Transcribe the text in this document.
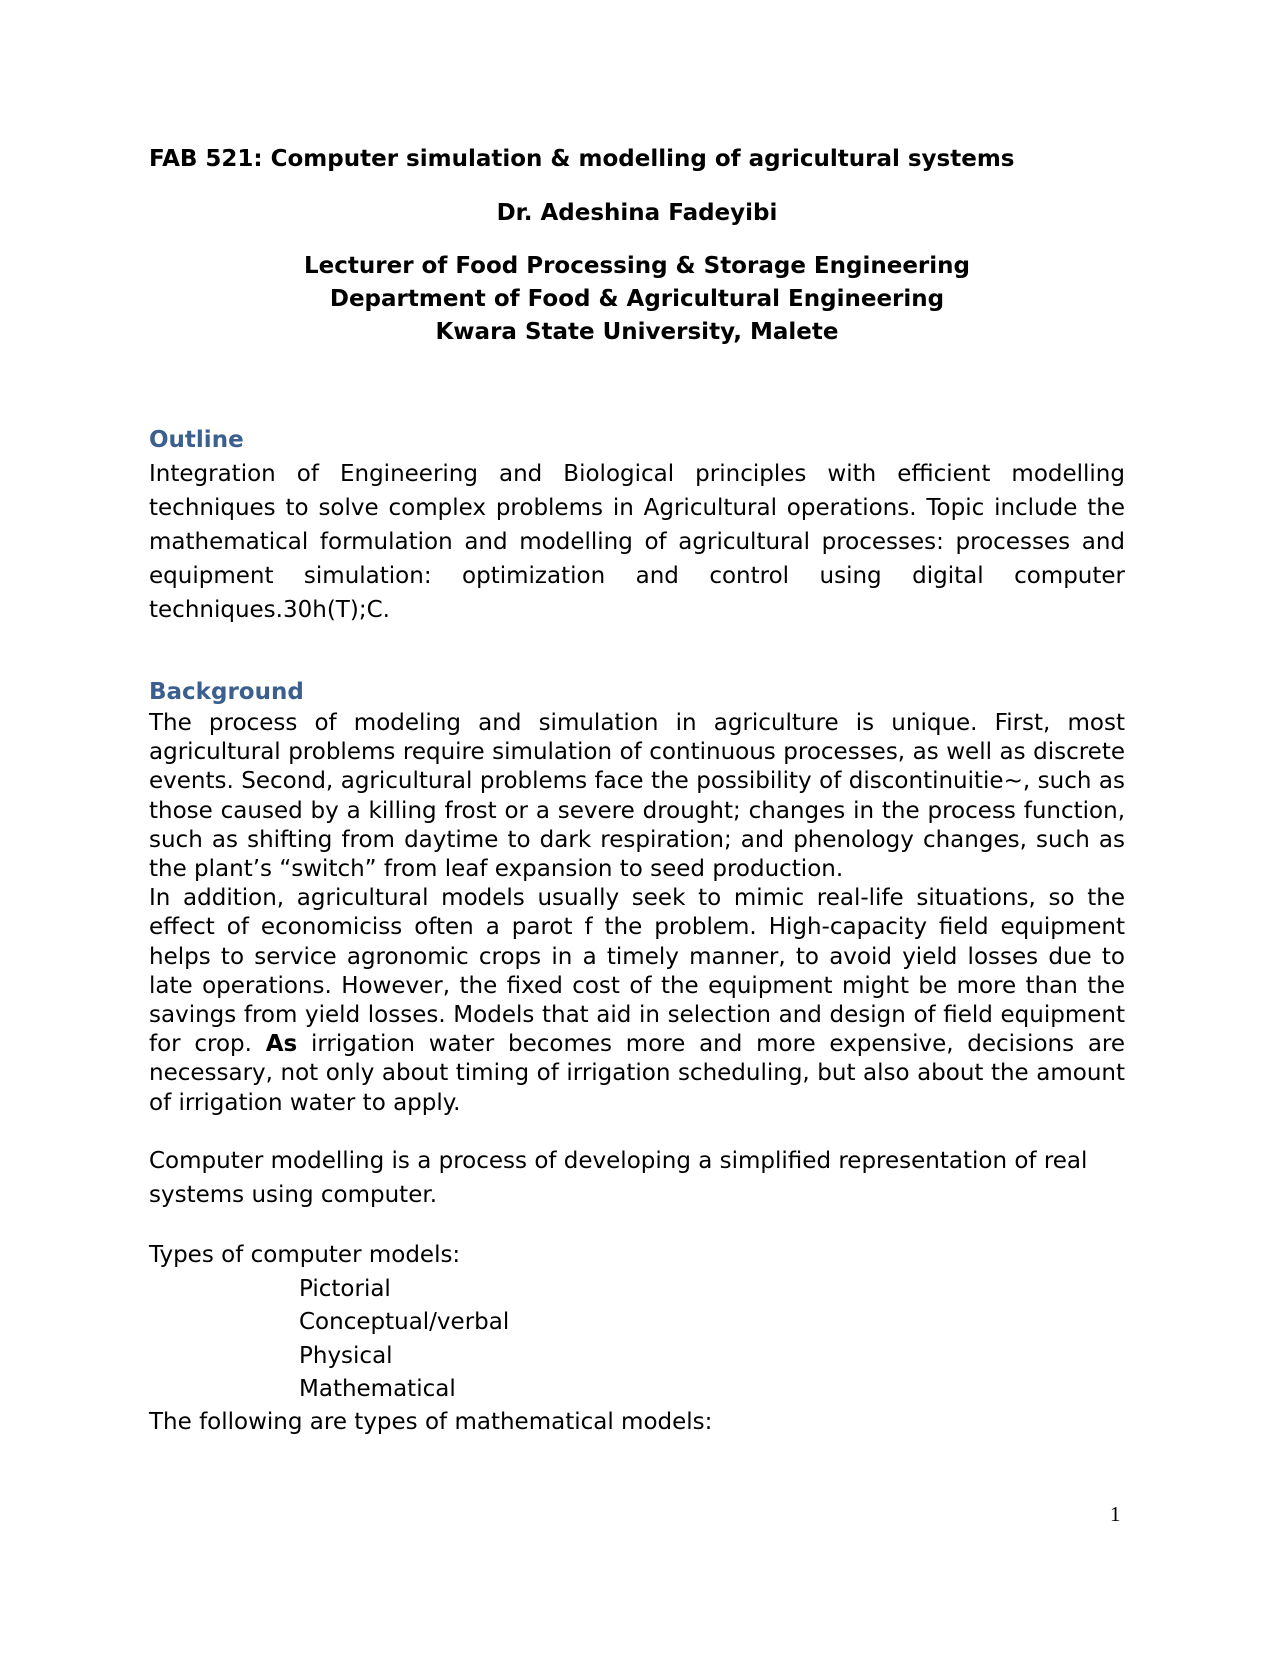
FAB 521: Computer simulation & modelling of agricultural systems
Dr. Adeshina Fadeyibi
Lecturer of Food Processing & Storage Engineering
Department of Food & Agricultural Engineering
Kwara State University, Malete
Outline

Integration of Engineering and Biological principles with efficient modelling techniques to solve complex problems in Agricultural operations. Topic include the mathematical formulation and modelling of agricultural processes: processes and equipment simulation: optimization and control using digital computer techniques.30h(T);C.

Background

The process of modeling and simulation in agriculture is unique. First, most agricultural problems require simulation of continuous processes, as well as discrete events. Second, agricultural problems face the possibility of discontinuitie~, such as those caused by a killing frost or a severe drought; changes in the process function, such as shifting from daytime to dark respiration; and phenology changes, such as the plant’s “switch” from leaf expansion to seed production.

In addition, agricultural models usually seek to mimic real-life situations, so the effect of economiciss often a parot f the problem. High-capacity field equipment helps to service agronomic crops in a timely manner, to avoid yield losses due to late operations. However, the fixed cost of the equipment might be more than the savings from yield losses. Models that aid in selection and design of field equipment for crop. As irrigation water becomes more and more expensive, decisions are necessary, not only about timing of irrigation scheduling, but also about the amount of irrigation water to apply.

Computer modelling is a process of developing a simplified representation of real systems using computer.

Types of computer models:

Pictorial
Conceptual/verbal
Physical
Mathematical

The following are types of mathematical models:

1
